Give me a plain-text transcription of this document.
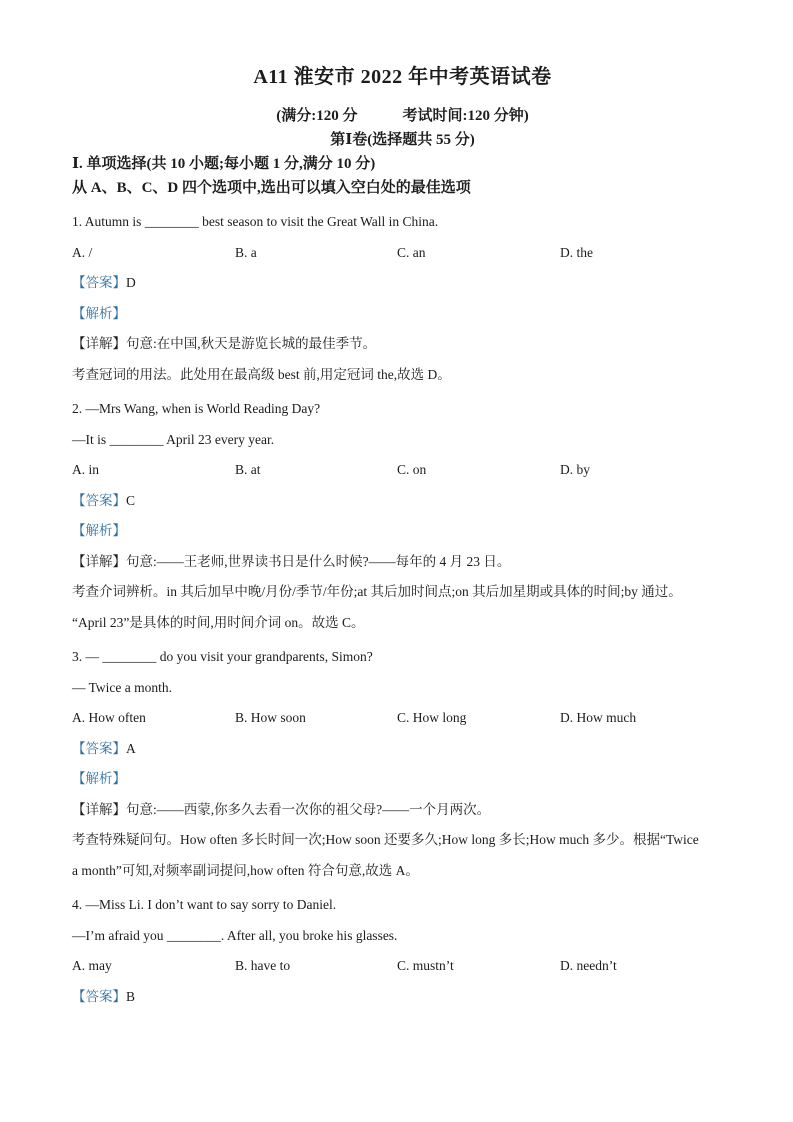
A11 淮安市 2022 年中考英语试卷

(满分:120 分　　　考试时间:120 分钟)

第Ⅰ卷(选择题共 55 分)

Ⅰ. 单项选择(共 10 小题;每小题 1 分,满分 10 分)

从 A、B、C、D 四个选项中,选出可以填入空白处的最佳选项

1. Autumn is ________ best season to visit the Great Wall in China.

A. /	B. a	C. an	D. the

【答案】D

【解析】

【详解】句意:在中国,秋天是游览长城的最佳季节。

考查冠词的用法。此处用在最高级 best 前,用定冠词 the,故选 D。

2. —Mrs Wang, when is World Reading Day?

—It is ________ April 23 every year.

A. in	B. at	C. on	D. by

【答案】C

【解析】

【详解】句意:——王老师,世界读书日是什么时候?——每年的 4 月 23 日。

考查介词辨析。in 其后加早中晚/月份/季节/年份;at 其后加时间点;on 其后加星期或具体的时间;by 通过。

“April 23”是具体的时间,用时间介词 on。故选 C。

3. — ________ do you visit your grandparents, Simon?

— Twice a month.

A. How often	B. How soon	C. How long	D. How much

【答案】A

【解析】

【详解】句意:——西蒙,你多久去看一次你的祖父母?——一个月两次。

考查特殊疑问句。How often 多长时间一次;How soon 还要多久;How long 多长;How much 多少。根据“Twice

a month”可知,对频率副词提问,how often 符合句意,故选 A。

4. —Miss Li. I don’t want to say sorry to Daniel.

—I’m afraid you ________. After all, you broke his glasses.

A. may	B. have to	C. mustn’t	D. needn’t

【答案】B
